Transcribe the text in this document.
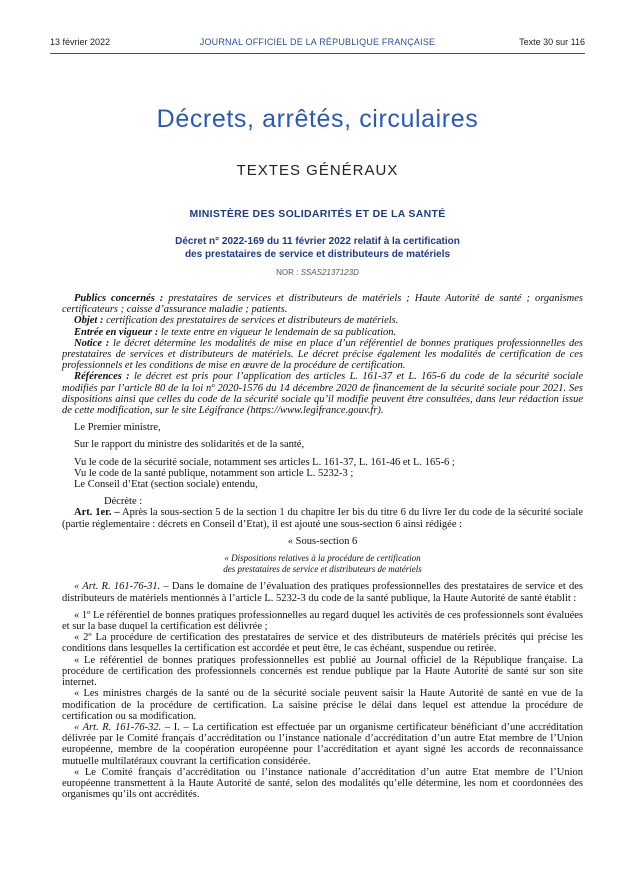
13 février 2022	JOURNAL OFFICIEL DE LA RÉPUBLIQUE FRANÇAISE	Texte 30 sur 116
Décrets, arrêtés, circulaires
TEXTES GÉNÉRAUX
MINISTÈRE DES SOLIDARITÉS ET DE LA SANTÉ
Décret n° 2022-169 du 11 février 2022 relatif à la certification
des prestataires de service et distributeurs de matériels
NOR : SSAS2137123D

Publics concernés : prestataires de services et distributeurs de matériels ; Haute Autorité de santé ; organismes certificateurs ; caisse d’assurance maladie ; patients.

Objet : certification des prestataires de services et distributeurs de matériels.

Entrée en vigueur : le texte entre en vigueur le lendemain de sa publication.

Notice : le décret détermine les modalités de mise en place d’un référentiel de bonnes pratiques professionnelles des prestataires de services et distributeurs de matériels. Le décret précise également les modalités de certification de ces professionnels et les conditions de mise en œuvre de la procédure de certification.

Références : le décret est pris pour l’application des articles L. 161-37 et L. 165-6 du code de la sécurité sociale modifiés par l’article 80 de la loi nº 2020-1576 du 14 décembre 2020 de financement de la sécurité sociale pour 2021. Ses dispositions ainsi que celles du code de la sécurité sociale qu’il modifie peuvent être consultées, dans leur rédaction issue de cette modification, sur le site Légifrance (https://www.legifrance.gouv.fr).

Le Premier ministre,

Sur le rapport du ministre des solidarités et de la santé,

Vu le code de la sécurité sociale, notamment ses articles L. 161-37, L. 161-46 et L. 165-6 ;

Vu le code de la santé publique, notamment son article L. 5232-3 ;

Le Conseil d’Etat (section sociale) entendu,

Décrète :

Art. 1er. – Après la sous-section 5 de la section 1 du chapitre Ier bis du titre 6 du livre Ier du code de la sécurité sociale (partie réglementaire : décrets en Conseil d’Etat), il est ajouté une sous-section 6 ainsi rédigée :

« Sous-section 6

« Dispositions relatives à la procédure de certification

des prestataires de service et distributeurs de matériels

« Art. R. 161-76-31. – Dans le domaine de l’évaluation des pratiques professionnelles des prestataires de service et des distributeurs de matériels mentionnés à l’article L. 5232-3 du code de la santé publique, la Haute Autorité de santé établit :

« 1º Le référentiel de bonnes pratiques professionnelles au regard duquel les activités de ces professionnels sont évaluées et sur la base duquel la certification est délivrée ;

« 2º La procédure de certification des prestataires de service et des distributeurs de matériels précités qui précise les conditions dans lesquelles la certification est accordée et peut être, le cas échéant, suspendue ou retirée.

« Le référentiel de bonnes pratiques professionnelles est publié au Journal officiel de la République française. La procédure de certification des professionnels concernés est rendue publique par la Haute Autorité de santé sur son site internet.

« Les ministres chargés de la santé ou de la sécurité sociale peuvent saisir la Haute Autorité de santé en vue de la modification de la procédure de certification. La saisine précise le délai dans lequel est attendue la procédure de certification ou sa modification.

« Art. R. 161-76-32. – I. – La certification est effectuée par un organisme certificateur bénéficiant d’une accréditation délivrée par le Comité français d’accréditation ou l’instance nationale d’accréditation d’un autre Etat membre de l’Union européenne, membre de la coopération européenne pour l’accréditation et ayant signé les accords de reconnaissance mutuelle multilatéraux couvrant la certification considérée.

« Le Comité français d’accréditation ou l’instance nationale d’accréditation d’un autre Etat membre de l’Union européenne transmettent à la Haute Autorité de santé, selon des modalités qu’elle détermine, les nom et coordonnées des organismes qu’ils ont accrédités.
